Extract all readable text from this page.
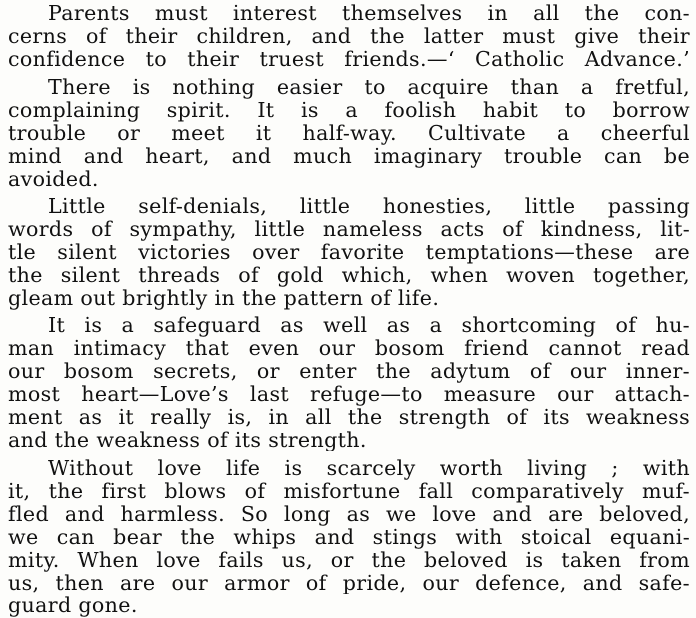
Parents must interest themselves in all the con-
cerns of their children, and the latter must give their
confidence to their truest friends.—‘ Catholic Advance.’

There is nothing easier to acquire than a fretful,
complaining spirit. It is a foolish habit to borrow
trouble or meet it half-way. Cultivate a cheerful
mind and heart, and much imaginary trouble can be
avoided.

Little self-denials, little honesties, little passing
words of sympathy, little nameless acts of kindness, lit-
tle silent victories over favorite temptations—these are
the silent threads of gold which, when woven together,
gleam out brightly in the pattern of life.

It is a safeguard as well as a shortcoming of hu-
man intimacy that even our bosom friend cannot read
our bosom secrets, or enter the adytum of our inner-
most heart—Love’s last refuge—to measure our attach-
ment as it really is, in all the strength of its weakness
and the weakness of its strength.

Without love life is scarcely worth living ; with
it, the first blows of misfortune fall comparatively muf-
fled and harmless. So long as we love and are beloved,
we can bear the whips and stings with stoical equani-
mity. When love fails us, or the beloved is taken from
us, then are our armor of pride, our defence, and safe-
guard gone.
